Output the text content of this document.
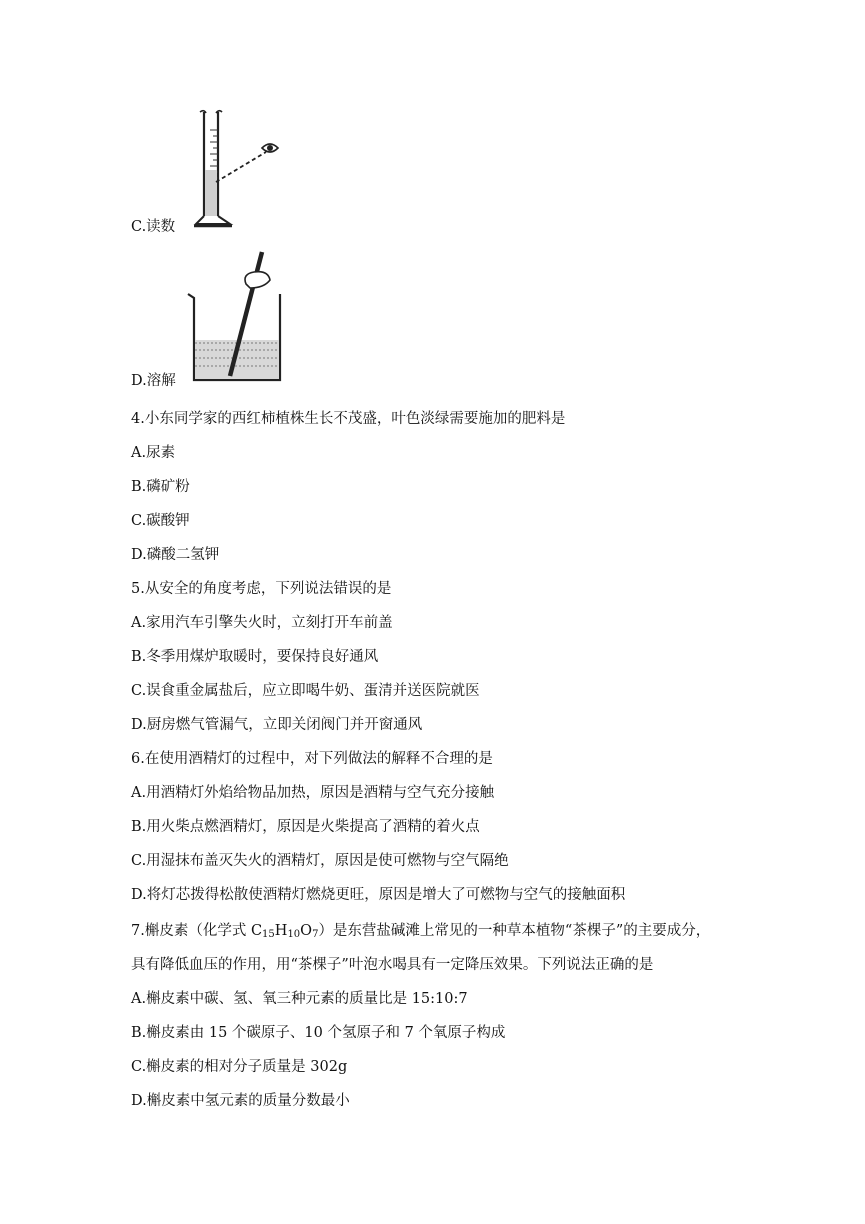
C.读数
D.溶解
4.小东同学家的西红柿植株生长不茂盛，叶色淡绿需要施加的肥料是
A.尿素
B.磷矿粉
C.碳酸钾
D.磷酸二氢钾
5.从安全的角度考虑，下列说法错误的是
A.家用汽车引擎失火时，立刻打开车前盖
B.冬季用煤炉取暖时，要保持良好通风
C.误食重金属盐后，应立即喝牛奶、蛋清并送医院就医
D.厨房燃气管漏气，立即关闭阀门并开窗通风
6.在使用酒精灯的过程中，对下列做法的解释不合理的是
A.用酒精灯外焰给物品加热，原因是酒精与空气充分接触
B.用火柴点燃酒精灯，原因是火柴提高了酒精的着火点
C.用湿抹布盖灭失火的酒精灯，原因是使可燃物与空气隔绝
D.将灯芯拨得松散使酒精灯燃烧更旺，原因是增大了可燃物与空气的接触面积
7.槲皮素（化学式 $C_{15}H_{10}O_7$）是东营盐碱滩上常见的一种草本植物“茶棵子”的主要成分，
具有降低血压的作用，用“茶棵子”叶泡水喝具有一定降压效果。下列说法正确的是
A.槲皮素中碳、氢、氧三种元素的质量比是 15:10:7
B.槲皮素由 15 个碳原子、10 个氢原子和 7 个氧原子构成
C.槲皮素的相对分子质量是 302g
D.槲皮素中氢元素的质量分数最小
